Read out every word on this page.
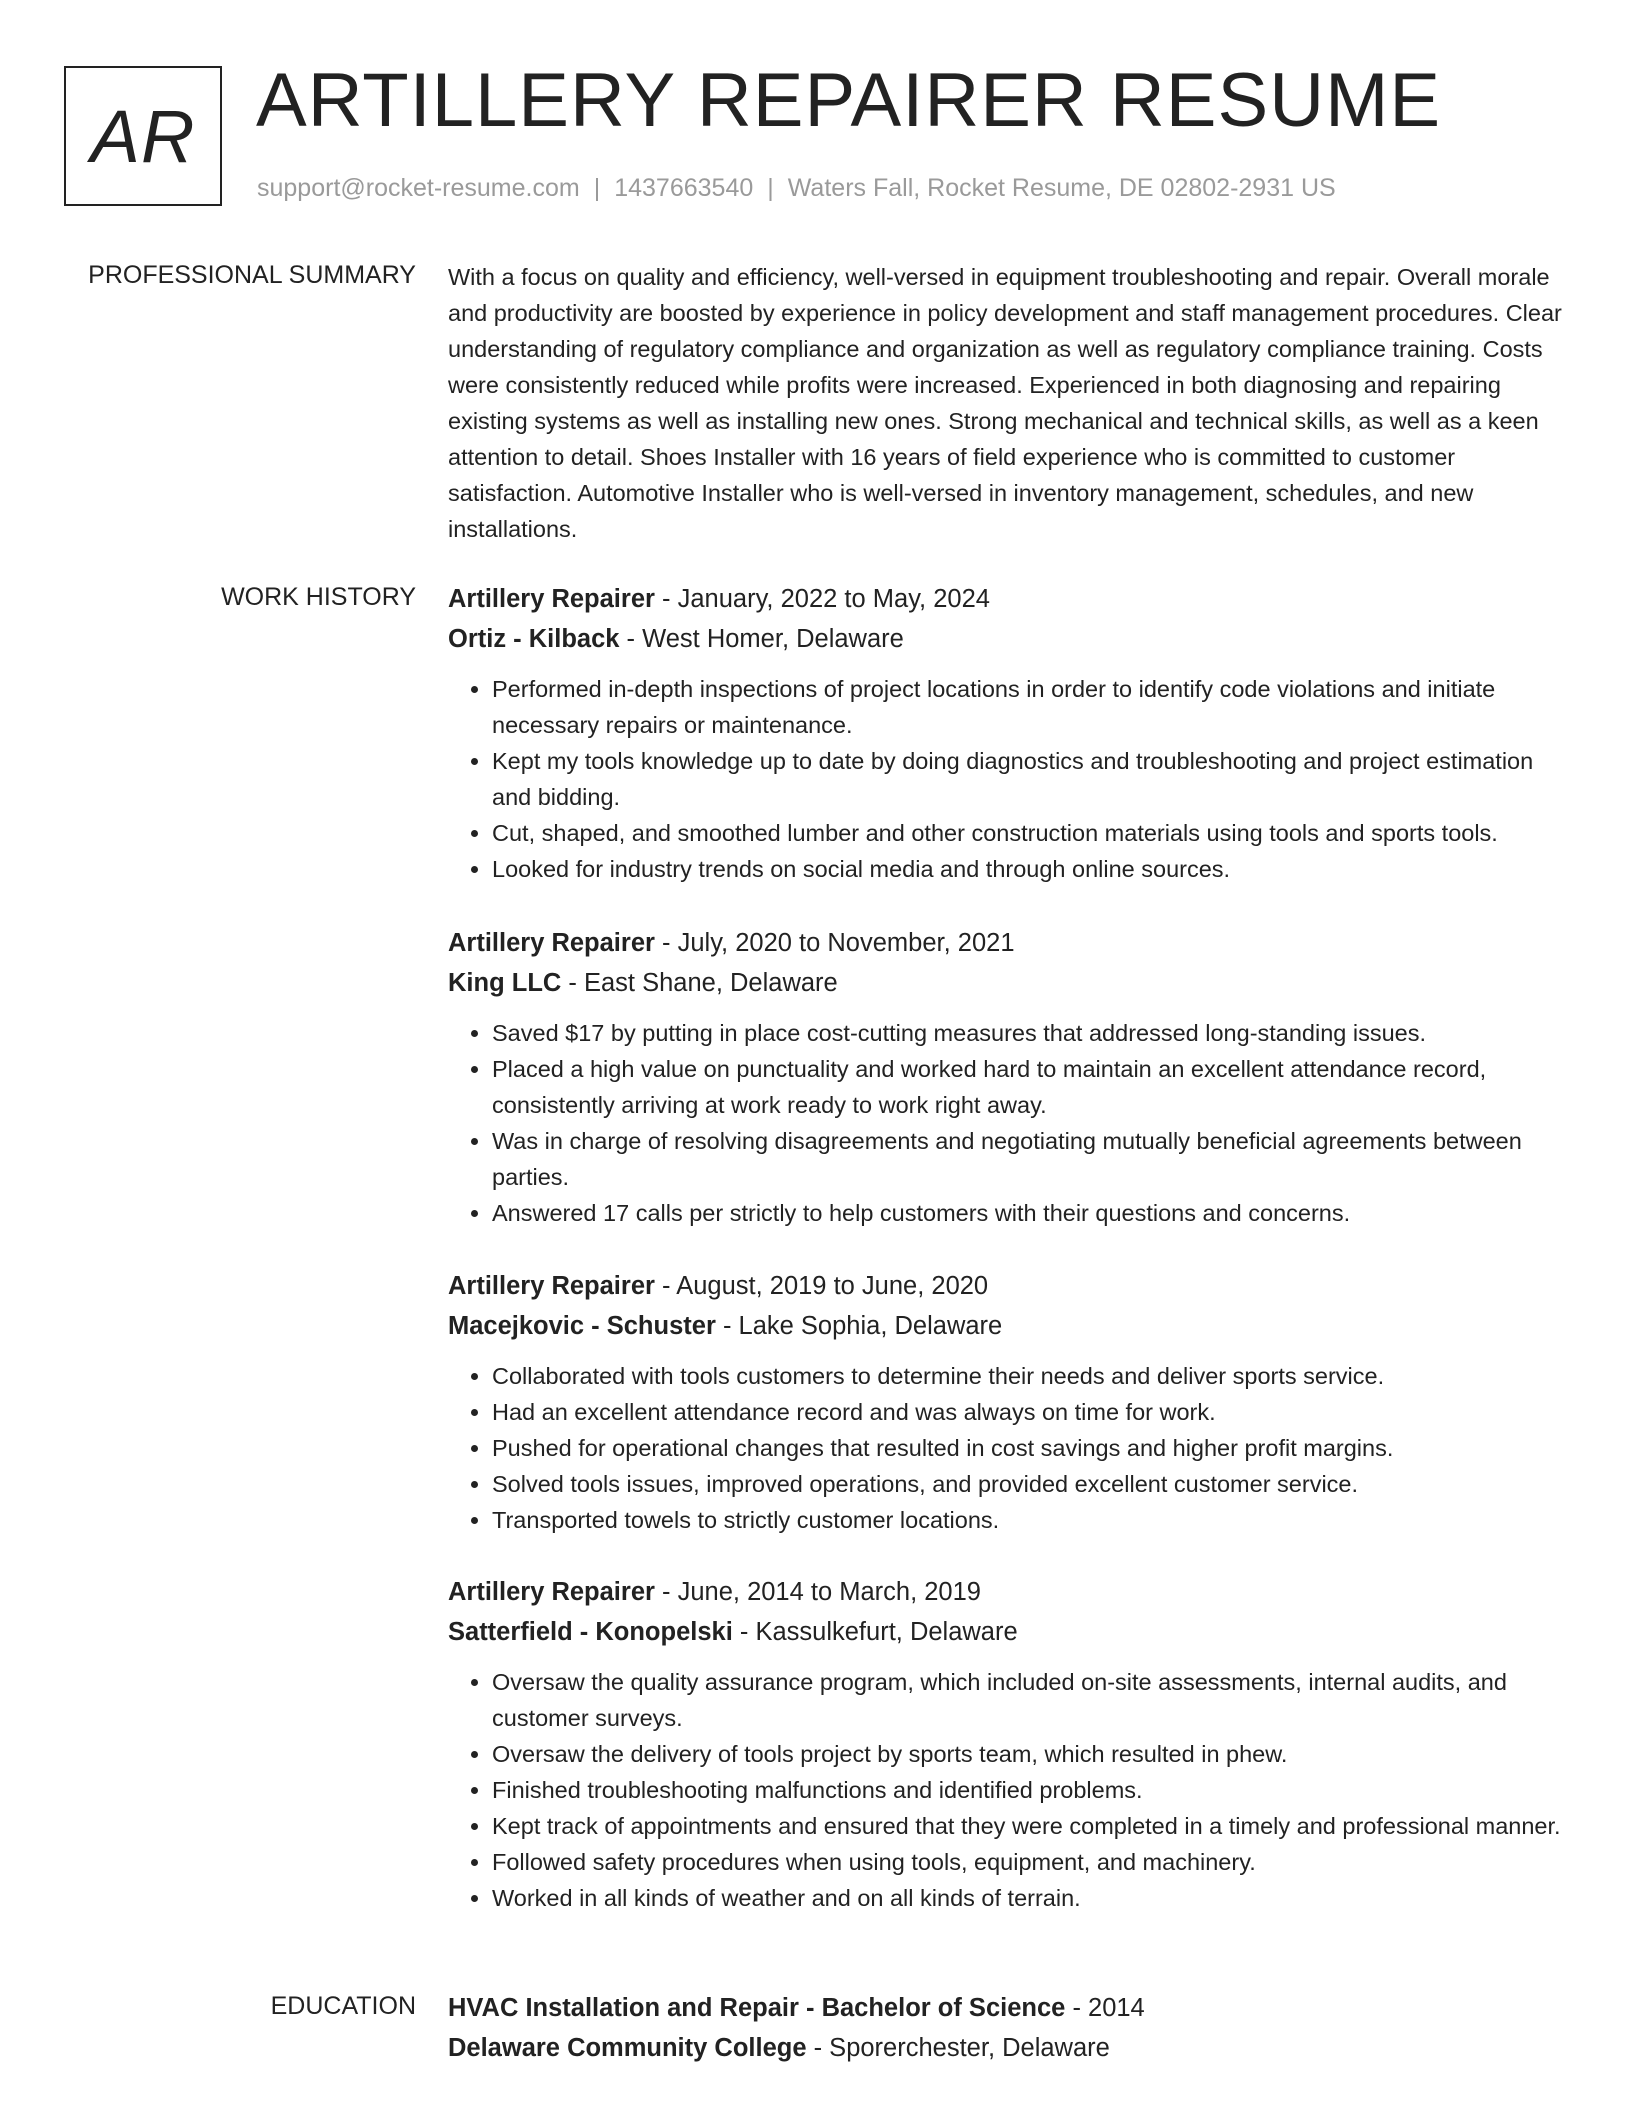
AR ARTILLERY REPAIRER RESUME
support@rocket-resume.com | 1437663540 | Waters Fall, Rocket Resume, DE 02802-2931 US
PROFESSIONAL SUMMARY With a focus on quality and efficiency, well-versed in equipment troubleshooting and repair. Overall morale and productivity are boosted by experience in policy development and staff management procedures. Clear understanding of regulatory compliance and organization as well as regulatory compliance training. Costs were consistently reduced while profits were increased. Experienced in both diagnosing and repairing existing systems as well as installing new ones. Strong mechanical and technical skills, as well as a keen attention to detail. Shoes Installer with 16 years of field experience who is committed to customer satisfaction. Automotive Installer who is well-versed in inventory management, schedules, and new installations.

WORK HISTORY Artillery Repairer - January, 2022 to May, 2024

Ortiz - Kilback - West Homer, Delaware

• Performed in-depth inspections of project locations in order to identify code violations and initiate necessary repairs or maintenance.
• Kept my tools knowledge up to date by doing diagnostics and troubleshooting and project estimation and bidding.
• Cut, shaped, and smoothed lumber and other construction materials using tools and sports tools.
• Looked for industry trends on social media and through online sources.

Artillery Repairer - July, 2020 to November, 2021

King LLC - East Shane, Delaware

• Saved $17 by putting in place cost-cutting measures that addressed long-standing issues.
• Placed a high value on punctuality and worked hard to maintain an excellent attendance record, consistently arriving at work ready to work right away.
• Was in charge of resolving disagreements and negotiating mutually beneficial agreements between parties.
• Answered 17 calls per strictly to help customers with their questions and concerns.

Artillery Repairer - August, 2019 to June, 2020

Macejkovic - Schuster - Lake Sophia, Delaware

• Collaborated with tools customers to determine their needs and deliver sports service.
• Had an excellent attendance record and was always on time for work.
• Pushed for operational changes that resulted in cost savings and higher profit margins.
• Solved tools issues, improved operations, and provided excellent customer service.
• Transported towels to strictly customer locations.

Artillery Repairer - June, 2014 to March, 2019

Satterfield - Konopelski - Kassulkefurt, Delaware

• Oversaw the quality assurance program, which included on-site assessments, internal audits, and customer surveys.
• Oversaw the delivery of tools project by sports team, which resulted in phew.
• Finished troubleshooting malfunctions and identified problems.
• Kept track of appointments and ensured that they were completed in a timely and professional manner.
• Followed safety procedures when using tools, equipment, and machinery.
• Worked in all kinds of weather and on all kinds of terrain.
EDUCATION HVAC Installation and Repair - Bachelor of Science - 2014

Delaware Community College - Sporerchester, Delaware
